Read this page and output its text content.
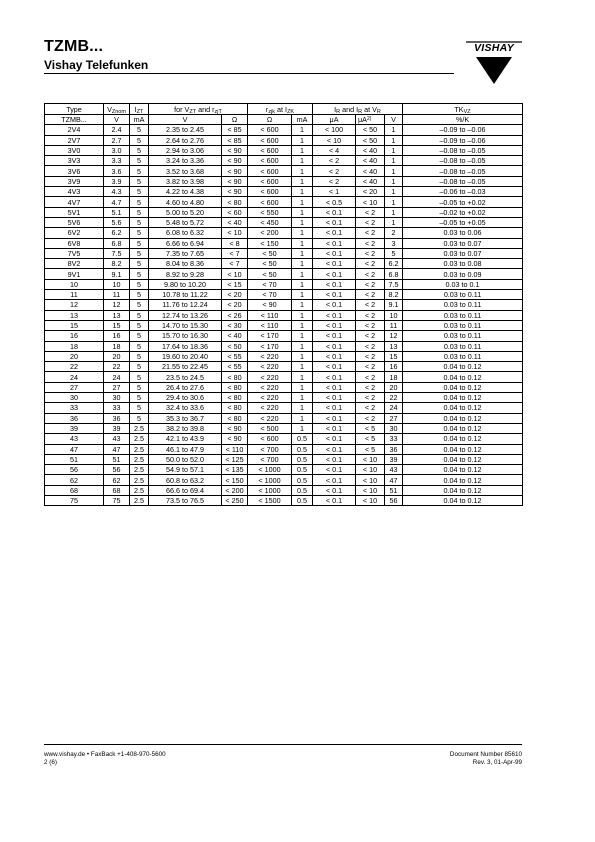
TZMB...
Vishay Telefunken
VISHAY
Type	$V_{Znom}$	$I_{ZT}$	for $V_{ZT}$ and $r_{zjT}$		$r_{zjk}$ at $I_{ZK}$		$I_R$ and $I_R$ at $V_R$			$TK_{VZ}$
TZMB...	V	mA	V	Ω	Ω	mA	μA	$\mu A^{2)}$	V	%/K
2V4	2.4	5	2.35 to 2.45	< 85	< 600	1	< 100	< 50	1	–0.09 to –0.06
2V7	2.7	5	2.64 to 2.76	< 85	< 600	1	< 10	< 50	1	–0.09 to –0.06
3V0	3.0	5	2.94 to 3.06	< 90	< 600	1	< 4	< 40	1	–0.08 to –0.05
3V3	3.3	5	3.24 to 3.36	< 90	< 600	1	< 2	< 40	1	–0.08 to –0.05
3V6	3.6	5	3.52 to 3.68	< 90	< 600	1	< 2	< 40	1	–0.08 to –0.05
3V9	3.9	5	3.82 to 3.98	< 90	< 600	1	< 2	< 40	1	–0.08 to –0.05
4V3	4.3	5	4.22 to 4.38	< 90	< 600	1	< 1	< 20	1	–0.06 to –0.03
4V7	4.7	5	4.60 to 4.80	< 80	< 600	1	< 0.5	< 10	1	–0.05 to +0.02
5V1	5.1	5	5.00 to 5.20	< 60	< 550	1	< 0.1	< 2	1	–0.02 to +0.02
5V6	5.6	5	5.48 to 5.72	< 40	< 450	1	< 0.1	< 2	1	–0.05 to +0.05
6V2	6.2	5	6.08 to 6.32	< 10	< 200	1	< 0.1	< 2	2	0.03 to 0.06
6V8	6.8	5	6.66 to 6.94	< 8	< 150	1	< 0.1	< 2	3	0.03 to 0.07
7V5	7.5	5	7.35 to 7.65	< 7	< 50	1	< 0.1	< 2	5	0.03 to 0.07
8V2	8.2	5	8.04 to 8.36	< 7	< 50	1	< 0.1	< 2	6.2	0.03 to 0.08
9V1	9.1	5	8.92 to 9.28	< 10	< 50	1	< 0.1	< 2	6.8	0.03 to 0.09
10	10	5	9.80 to 10.20	< 15	< 70	1	< 0.1	< 2	7.5	0.03 to 0.1
11	11	5	10.78 to 11.22	< 20	< 70	1	< 0.1	< 2	8.2	0.03 to 0.11
12	12	5	11.76 to 12.24	< 20	< 90	1	< 0.1	< 2	9.1	0.03 to 0.11
13	13	5	12.74 to 13.26	< 26	< 110	1	< 0.1	< 2	10	0.03 to 0.11
15	15	5	14.70 to 15.30	< 30	< 110	1	< 0.1	< 2	11	0.03 to 0.11
16	16	5	15.70 to 16.30	< 40	< 170	1	< 0.1	< 2	12	0.03 to 0.11
18	18	5	17.64 to 18.36	< 50	< 170	1	< 0.1	< 2	13	0.03 to 0.11
20	20	5	19.60 to 20.40	< 55	< 220	1	< 0.1	< 2	15	0.03 to 0.11
22	22	5	21.55 to 22.45	< 55	< 220	1	< 0.1	< 2	16	0.04 to 0.12
24	24	5	23.5 to 24.5	< 80	< 220	1	< 0.1	< 2	18	0.04 to 0.12
27	27	5	26.4 to 27.6	< 80	< 220	1	< 0.1	< 2	20	0.04 to 0.12
30	30	5	29.4 to 30.6	< 80	< 220	1	< 0.1	< 2	22	0.04 to 0.12
33	33	5	32.4 to 33.6	< 80	< 220	1	< 0.1	< 2	24	0.04 to 0.12
36	36	5	35.3 to 36.7	< 80	< 220	1	< 0.1	< 2	27	0.04 to 0.12
39	39	2.5	38.2 to 39.8	< 90	< 500	1	< 0.1	< 5	30	0.04 to 0.12
43	43	2.5	42.1 to 43.9	< 90	< 600	0.5	< 0.1	< 5	33	0.04 to 0.12
47	47	2.5	46.1 to 47.9	< 110	< 700	0.5	< 0.1	< 5	36	0.04 to 0.12
51	51	2.5	50.0 to 52.0	< 125	< 700	0.5	< 0.1	< 10	39	0.04 to 0.12
56	56	2.5	54.9 to 57.1	< 135	< 1000	0.5	< 0.1	< 10	43	0.04 to 0.12
62	62	2.5	60.8 to 63.2	< 150	< 1000	0.5	< 0.1	< 10	47	0.04 to 0.12
68	68	2.5	66.6 to 69.4	< 200	< 1000	0.5	< 0.1	< 10	51	0.04 to 0.12
75	75	2.5	73.5 to 76.5	< 250	< 1500	0.5	< 0.1	< 10	56	0.04 to 0.12
www.vishay.de • FaxBack +1-408-970-5600
2 (6)
Document Number 85610
Rev. 3, 01-Apr-99
